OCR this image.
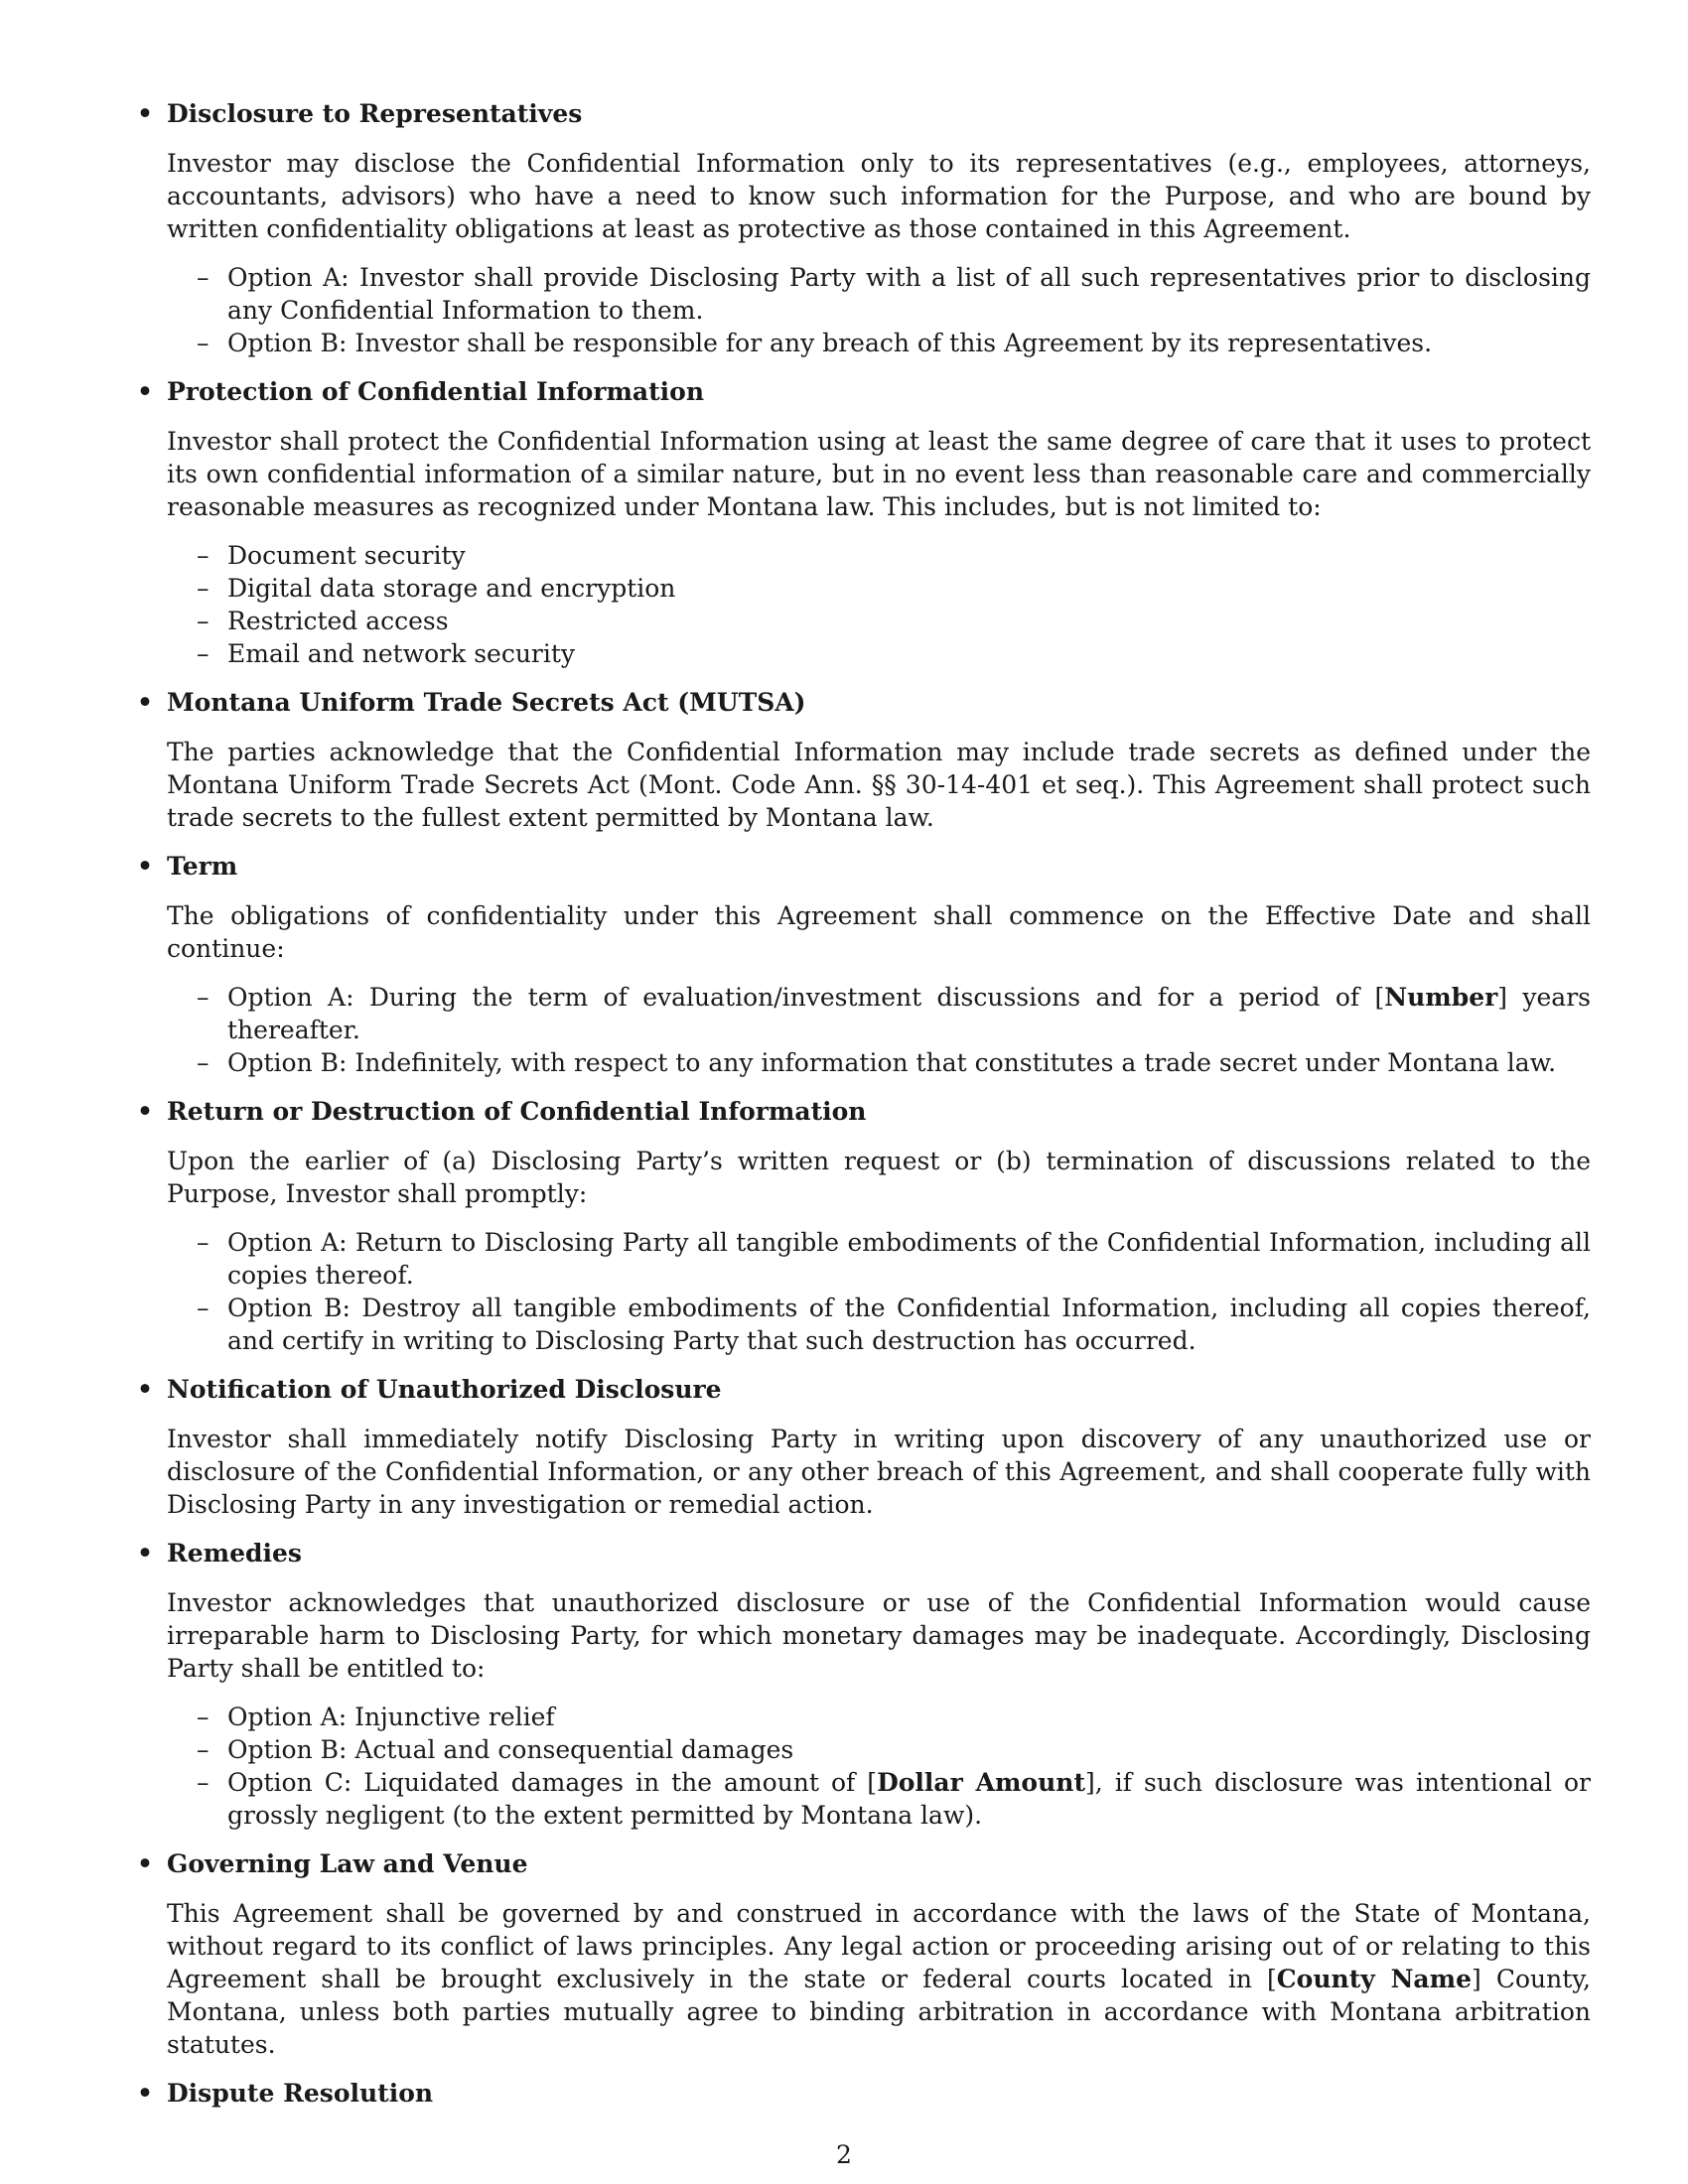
• Disclosure to Representatives
Investor may disclose the Confidential Information only to its representatives (e.g., employees, attorneys, accountants, advisors) who have a need to know such information for the Purpose, and who are bound by written confidentiality obligations at least as protective as those contained in this Agreement.
– Option A: Investor shall provide Disclosing Party with a list of all such representatives prior to disclosing any Confidential Information to them.
– Option B: Investor shall be responsible for any breach of this Agreement by its representatives.
• Protection of Confidential Information
Investor shall protect the Confidential Information using at least the same degree of care that it uses to protect its own confidential information of a similar nature, but in no event less than reasonable care and commercially reasonable measures as recognized under Montana law. This includes, but is not limited to:
– Document security
– Digital data storage and encryption
– Restricted access
– Email and network security
• Montana Uniform Trade Secrets Act (MUTSA)
The parties acknowledge that the Confidential Information may include trade secrets as defined under the Montana Uniform Trade Secrets Act (Mont. Code Ann. §§ 30-14-401 et seq.). This Agreement shall protect such trade secrets to the fullest extent permitted by Montana law.
• Term
The obligations of confidentiality under this Agreement shall commence on the Effective Date and shall continue:
– Option A: During the term of evaluation/investment discussions and for a period of [Number] years thereafter.
– Option B: Indefinitely, with respect to any information that constitutes a trade secret under Montana law.
• Return or Destruction of Confidential Information
Upon the earlier of (a) Disclosing Party’s written request or (b) termination of discussions related to the Purpose, Investor shall promptly:
– Option A: Return to Disclosing Party all tangible embodiments of the Confidential Information, including all copies thereof.
– Option B: Destroy all tangible embodiments of the Confidential Information, including all copies thereof, and certify in writing to Disclosing Party that such destruction has occurred.
• Notification of Unauthorized Disclosure
Investor shall immediately notify Disclosing Party in writing upon discovery of any unauthorized use or disclosure of the Confidential Information, or any other breach of this Agreement, and shall cooperate fully with Disclosing Party in any investigation or remedial action.
• Remedies
Investor acknowledges that unauthorized disclosure or use of the Confidential Information would cause irreparable harm to Disclosing Party, for which monetary damages may be inadequate. Accordingly, Disclosing Party shall be entitled to:
– Option A: Injunctive relief
– Option B: Actual and consequential damages
– Option C: Liquidated damages in the amount of [Dollar Amount], if such disclosure was intentional or grossly negligent (to the extent permitted by Montana law).
• Governing Law and Venue
This Agreement shall be governed by and construed in accordance with the laws of the State of Montana, without regard to its conflict of laws principles. Any legal action or proceeding arising out of or relating to this Agreement shall be brought exclusively in the state or federal courts located in [County Name] County, Montana, unless both parties mutually agree to binding arbitration in accordance with Montana arbitration statutes.
• Dispute Resolution
2
